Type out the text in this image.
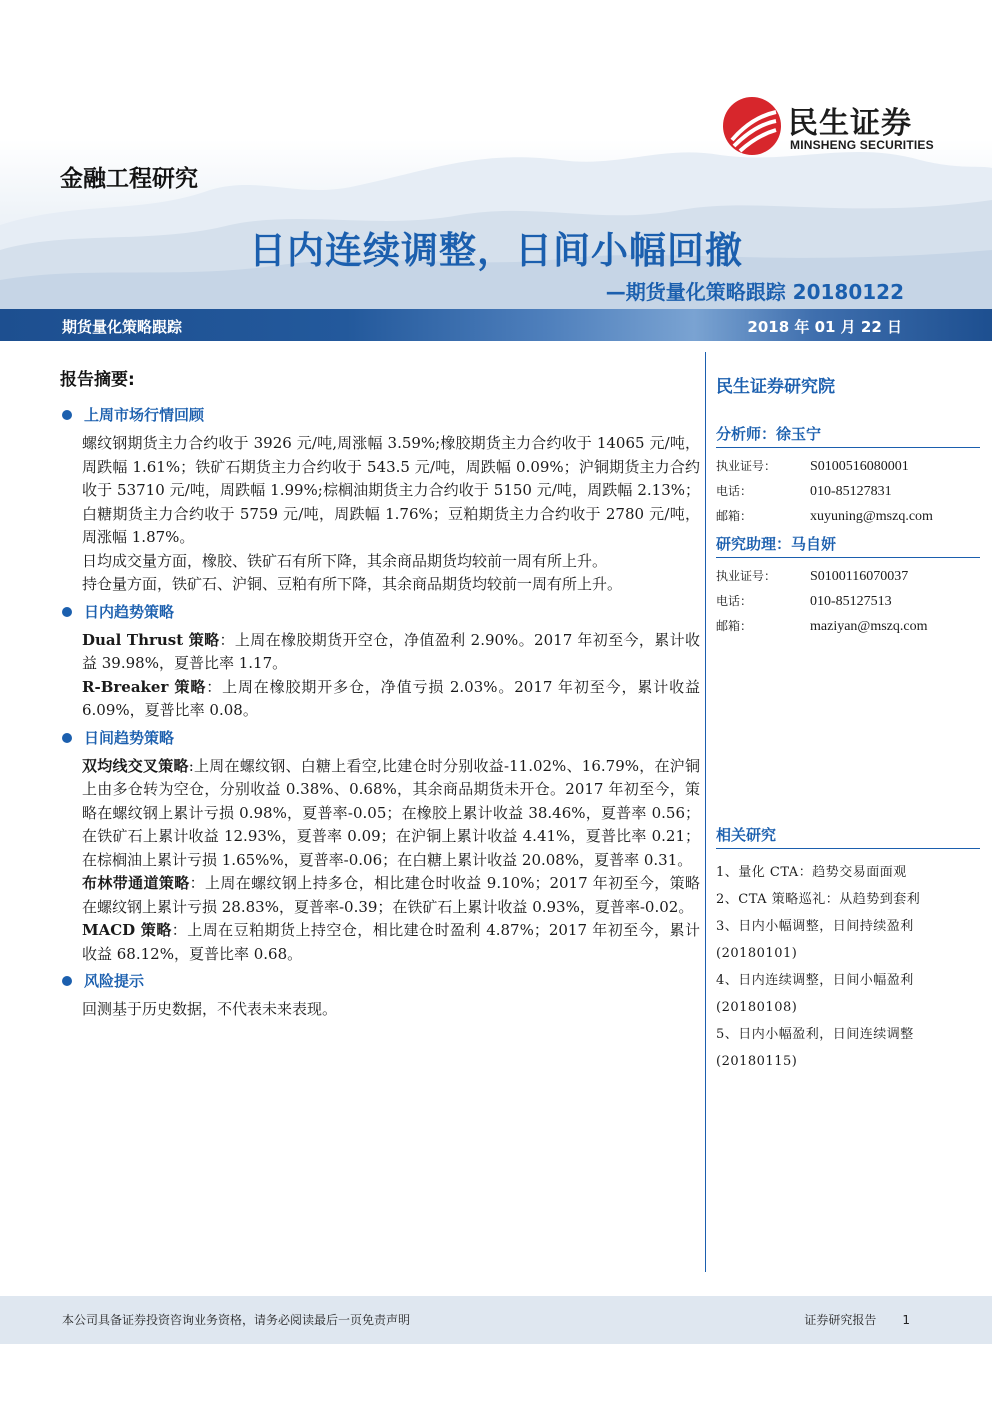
民生证券
MINSHENG SECURITIES
金融工程研究
日内连续调整，日间小幅回撤
—期货量化策略跟踪 20180122
期货量化策略跟踪	2018 年 01 月 22 日
报告摘要:
上周市场行情回顾
螺纹钢期货主力合约收于 3926 元/吨,周涨幅 3.59%;橡胶期货主力合约收于 14065 元/吨，周跌幅 1.61%；铁矿石期货主力合约收于 543.5 元/吨，周跌幅 0.09%；沪铜期货主力合约收于 53710 元/吨，周跌幅 1.99%;棕榈油期货主力合约收于 5150 元/吨，周跌幅 2.13%；白糖期货主力合约收于 5759 元/吨，周跌幅 1.76%；豆粕期货主力合约收于 2780 元/吨，周涨幅 1.87%。
日均成交量方面，橡胶、铁矿石有所下降，其余商品期货均较前一周有所上升。
持仓量方面，铁矿石、沪铜、豆粕有所下降，其余商品期货均较前一周有所上升。
日内趋势策略
Dual Thrust 策略：上周在橡胶期货开空仓，净值盈利 2.90%。2017 年初至今，累计收益 39.98%，夏普比率 1.17。
R-Breaker 策略：上周在橡胶期开多仓，净值亏损 2.03%。2017 年初至今，累计收益 6.09%，夏普比率 0.08。
日间趋势策略
双均线交叉策略:上周在螺纹钢、白糖上看空,比建仓时分别收益-11.02%、16.79%，在沪铜上由多仓转为空仓，分别收益 0.38%、0.68%，其余商品期货未开仓。2017 年初至今，策略在螺纹钢上累计亏损 0.98%，夏普率-0.05；在橡胶上累计收益 38.46%，夏普率 0.56；在铁矿石上累计收益 12.93%，夏普率 0.09；在沪铜上累计收益 4.41%，夏普比率 0.21；在棕榈油上累计亏损 1.65%%，夏普率-0.06；在白糖上累计收益 20.08%，夏普率 0.31。
布林带通道策略：上周在螺纹钢上持多仓，相比建仓时收益 9.10%；2017 年初至今，策略在螺纹钢上累计亏损 28.83%，夏普率-0.39；在铁矿石上累计收益 0.93%，夏普率-0.02。
MACD 策略：上周在豆粕期货上持空仓，相比建仓时盈利 4.87%；2017 年初至今，累计收益 68.12%，夏普比率 0.68。
风险提示
回测基于历史数据，不代表未来表现。
民生证券研究院
分析师：徐玉宁
执业证号：	S0100516080001
电话：	010-85127831
邮箱：	xuyuning@mszq.com
研究助理：马自妍
执业证号：	S0100116070037
电话：	010-85127513
邮箱：	maziyan@mszq.com
相关研究
1、量化 CTA：趋势交易面面观
2、CTA 策略巡礼：从趋势到套利
3、日内小幅调整，日间持续盈利
(20180101)
4、日内连续调整，日间小幅盈利
(20180108)
5、日内小幅盈利，日间连续调整
(20180115)
本公司具备证券投资咨询业务资格，请务必阅读最后一页免责声明	证券研究报告 1
